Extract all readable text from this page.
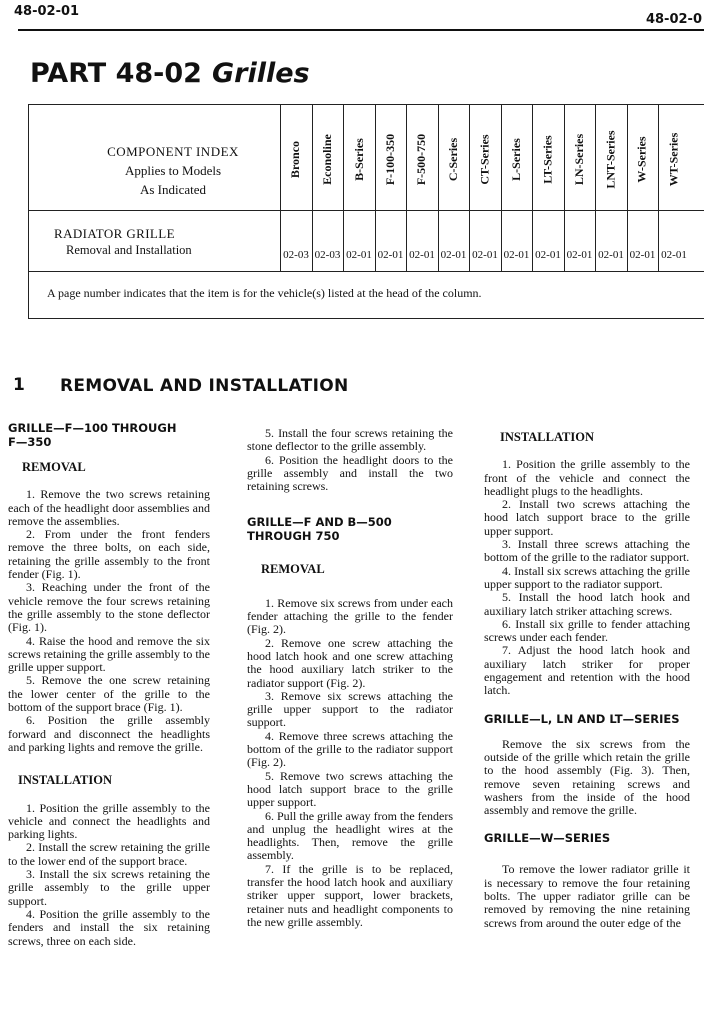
48-02-01
48-02-0
PART 48-02 Grilles
COMPONENT INDEX
Applies to Models
As Indicated
Bronco
02-03
Econoline
02-03
B-Series
02-01
F-100-350
02-01
F-500-750
02-01
C-Series
02-01
CT-Series
02-01
L-Series
02-01
LT-Series
02-01
LN-Series
02-01
LNT-Series
02-01
W-Series
02-01
WT-Series
02-01
RADIATOR GRILLE
Removal and Installation
A page number indicates that the item is for the vehicle(s) listed at the head of the column.
1 REMOVAL AND INSTALLATION
GRILLE—F—100 THROUGH
F—350
REMOVAL

1. Remove the two screws retaining each of the headlight door assemblies and remove the assemblies.

2. From under the front fenders remove the three bolts, on each side, retaining the grille assembly to the front fender (Fig. 1).

3. Reaching under the front of the vehicle remove the four screws retaining the grille assembly to the stone deflector (Fig. 1).

4. Raise the hood and remove the six screws retaining the grille assembly to the grille upper support.

5. Remove the one screw retaining the lower center of the grille to the bottom of the support brace (Fig. 1).

6. Position the grille assembly forward and disconnect the headlights and parking lights and remove the grille.

INSTALLATION

1. Position the grille assembly to the vehicle and connect the headlights and parking lights.

2. Install the screw retaining the grille to the lower end of the support brace.

3. Install the six screws retaining the grille assembly to the grille upper support.

4. Position the grille assembly to the fenders and install the six retaining screws, three on each side.

5. Install the four screws retaining the stone deflector to the grille assembly.

6. Position the headlight doors to the grille assembly and install the two retaining screws.

GRILLE—F AND B—500
THROUGH 750
REMOVAL

1. Remove six screws from under each fender attaching the grille to the fender (Fig. 2).

2. Remove one screw attaching the hood latch hook and one screw attaching the hood auxiliary latch striker to the radiator support (Fig. 2).

3. Remove six screws attaching the grille upper support to the radiator support.

4. Remove three screws attaching the bottom of the grille to the radiator support (Fig. 2).

5. Remove two screws attaching the hood latch support brace to the grille upper support.

6. Pull the grille away from the fenders and unplug the headlight wires at the headlights. Then, remove the grille assembly.

7. If the grille is to be replaced, transfer the hood latch hook and auxiliary striker upper support, lower brackets, retainer nuts and headlight components to the new grille assembly.

INSTALLATION

1. Position the grille assembly to the front of the vehicle and connect the headlight plugs to the headlights.

2. Install two screws attaching the hood latch support brace to the grille upper support.

3. Install three screws attaching the bottom of the grille to the radiator support.

4. Install six screws attaching the grille upper support to the radiator support.

5. Install the hood latch hook and auxiliary latch striker attaching screws.

6. Install six grille to fender attaching screws under each fender.

7. Adjust the hood latch hook and auxiliary latch striker for proper engagement and retention with the hood latch.

GRILLE—L, LN AND LT—SERIES

Remove the six screws from the outside of the grille which retain the grille to the hood assembly (Fig. 3). Then, remove seven retaining screws and washers from the inside of the hood assembly and remove the grille.

GRILLE—W—SERIES

To remove the lower radiator grille it is necessary to remove the four retaining bolts. The upper radiator grille can be removed by removing the nine retaining screws from around the outer edge of the
